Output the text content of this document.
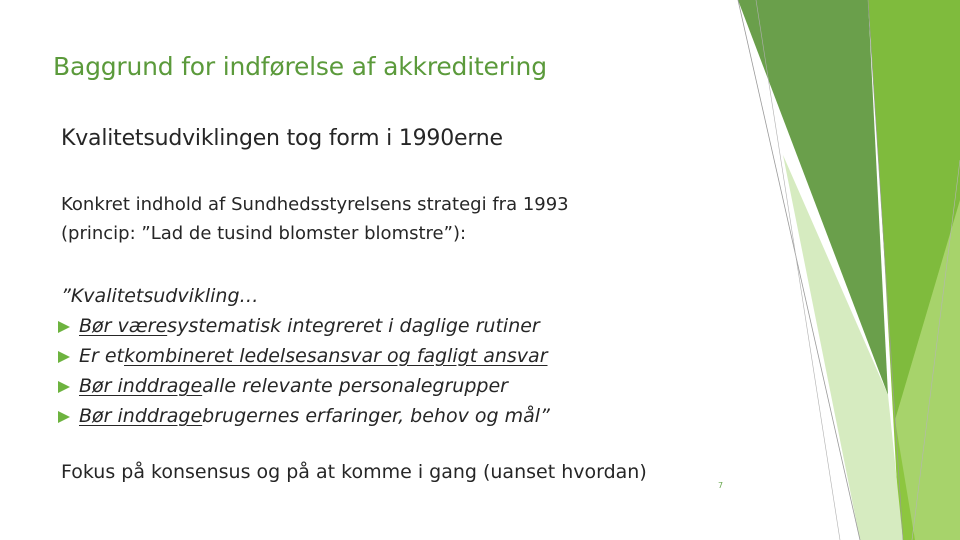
Baggrund for indførelse af akkreditering
Kvalitetsudviklingen tog form i 1990erne
Konkret indhold af Sundhedsstyrelsens strategi fra 1993
(princip: ”Lad de tusind blomster blomstre”):
”Kvalitetsudvikling…
Bør være systematisk integreret i daglige rutiner
Er et kombineret ledelsesansvar og fagligt ansvar
Bør inddrage alle relevante personalegrupper
Bør inddrage brugernes erfaringer, behov og mål”
Fokus på konsensus og på at komme i gang (uanset hvordan)
7
